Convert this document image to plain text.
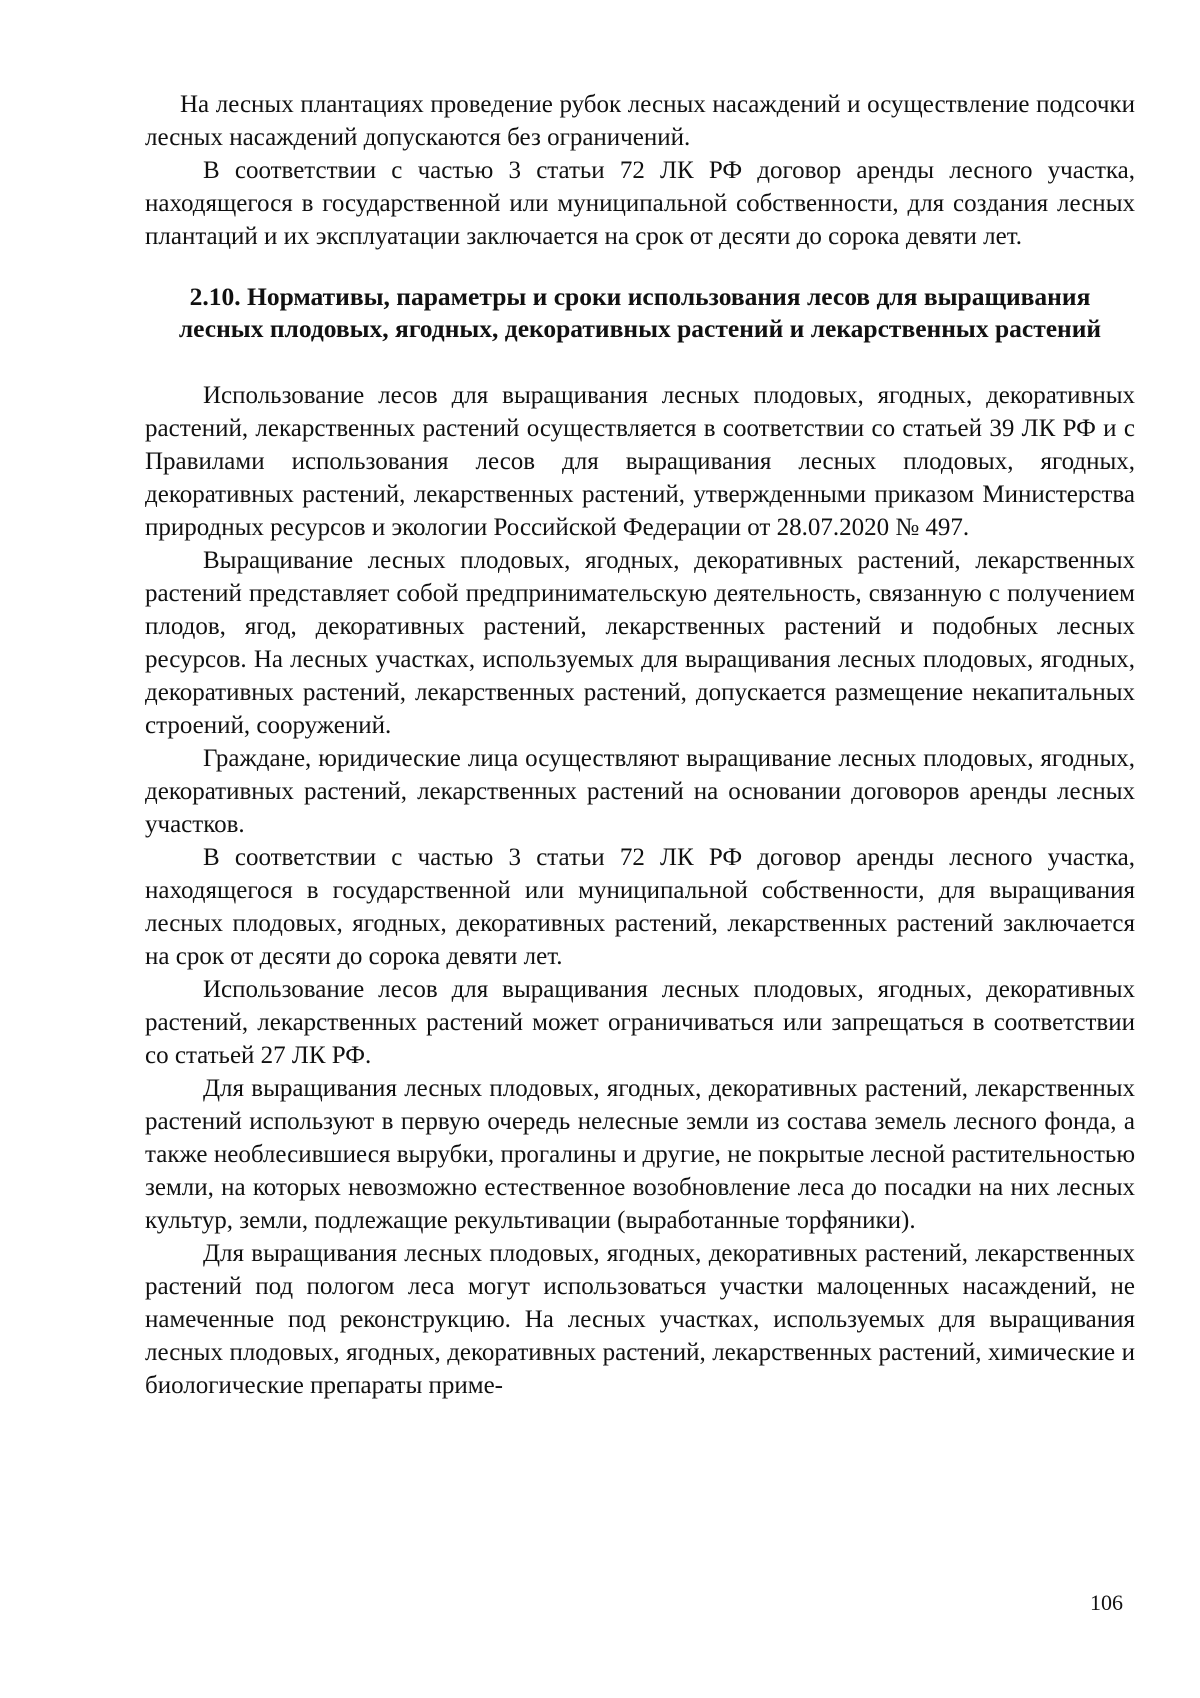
На лесных плантациях проведение рубок лесных насаждений и осуществление подсочки лесных насаждений допускаются без ограничений.

В соответствии с частью 3 статьи 72 ЛК РФ договор аренды лесного участка, находящегося в государственной или муниципальной собственности, для создания лесных плантаций и их эксплуатации заключается на срок от десяти до сорока девяти лет.

2.10. Нормативы, параметры и сроки использования лесов для выращивания лесных плодовых, ягодных, декоративных растений и лекарственных растений

Использование лесов для выращивания лесных плодовых, ягодных, декоративных растений, лекарственных растений осуществляется в соответствии со статьей 39 ЛК РФ и с Правилами использования лесов для выращивания лесных плодовых, ягодных, декоративных растений, лекарственных растений, утвержденными приказом Министерства природных ресурсов и экологии Российской Федерации от 28.07.2020 № 497.

Выращивание лесных плодовых, ягодных, декоративных растений, лекарственных растений представляет собой предпринимательскую деятельность, связанную с получением плодов, ягод, декоративных растений, лекарственных растений и подобных лесных ресурсов. На лесных участках, используемых для выращивания лесных плодовых, ягодных, декоративных растений, лекарственных растений, допускается размещение некапитальных строений, сооружений.

Граждане, юридические лица осуществляют выращивание лесных плодовых, ягодных, декоративных растений, лекарственных растений на основании договоров аренды лесных участков.

В соответствии с частью 3 статьи 72 ЛК РФ договор аренды лесного участка, находящегося в государственной или муниципальной собственности, для выращивания лесных плодовых, ягодных, декоративных растений, лекарственных растений заключается на срок от десяти до сорока девяти лет.

Использование лесов для выращивания лесных плодовых, ягодных, декоративных растений, лекарственных растений может ограничиваться или запрещаться в соответствии со статьей 27 ЛК РФ.

Для выращивания лесных плодовых, ягодных, декоративных растений, лекарственных растений используют в первую очередь нелесные земли из состава земель лесного фонда, а также необлесившиеся вырубки, прогалины и другие, не покрытые лесной растительностью земли, на которых невозможно естественное возобновление леса до посадки на них лесных культур, земли, подлежащие рекультивации (выработанные торфяники).

Для выращивания лесных плодовых, ягодных, декоративных растений, лекарственных растений под пологом леса могут использоваться участки малоценных насаждений, не намеченные под реконструкцию. На лесных участках, используемых для выращивания лесных плодовых, ягодных, декоративных растений, лекарственных растений, химические и биологические препараты приме-

106
